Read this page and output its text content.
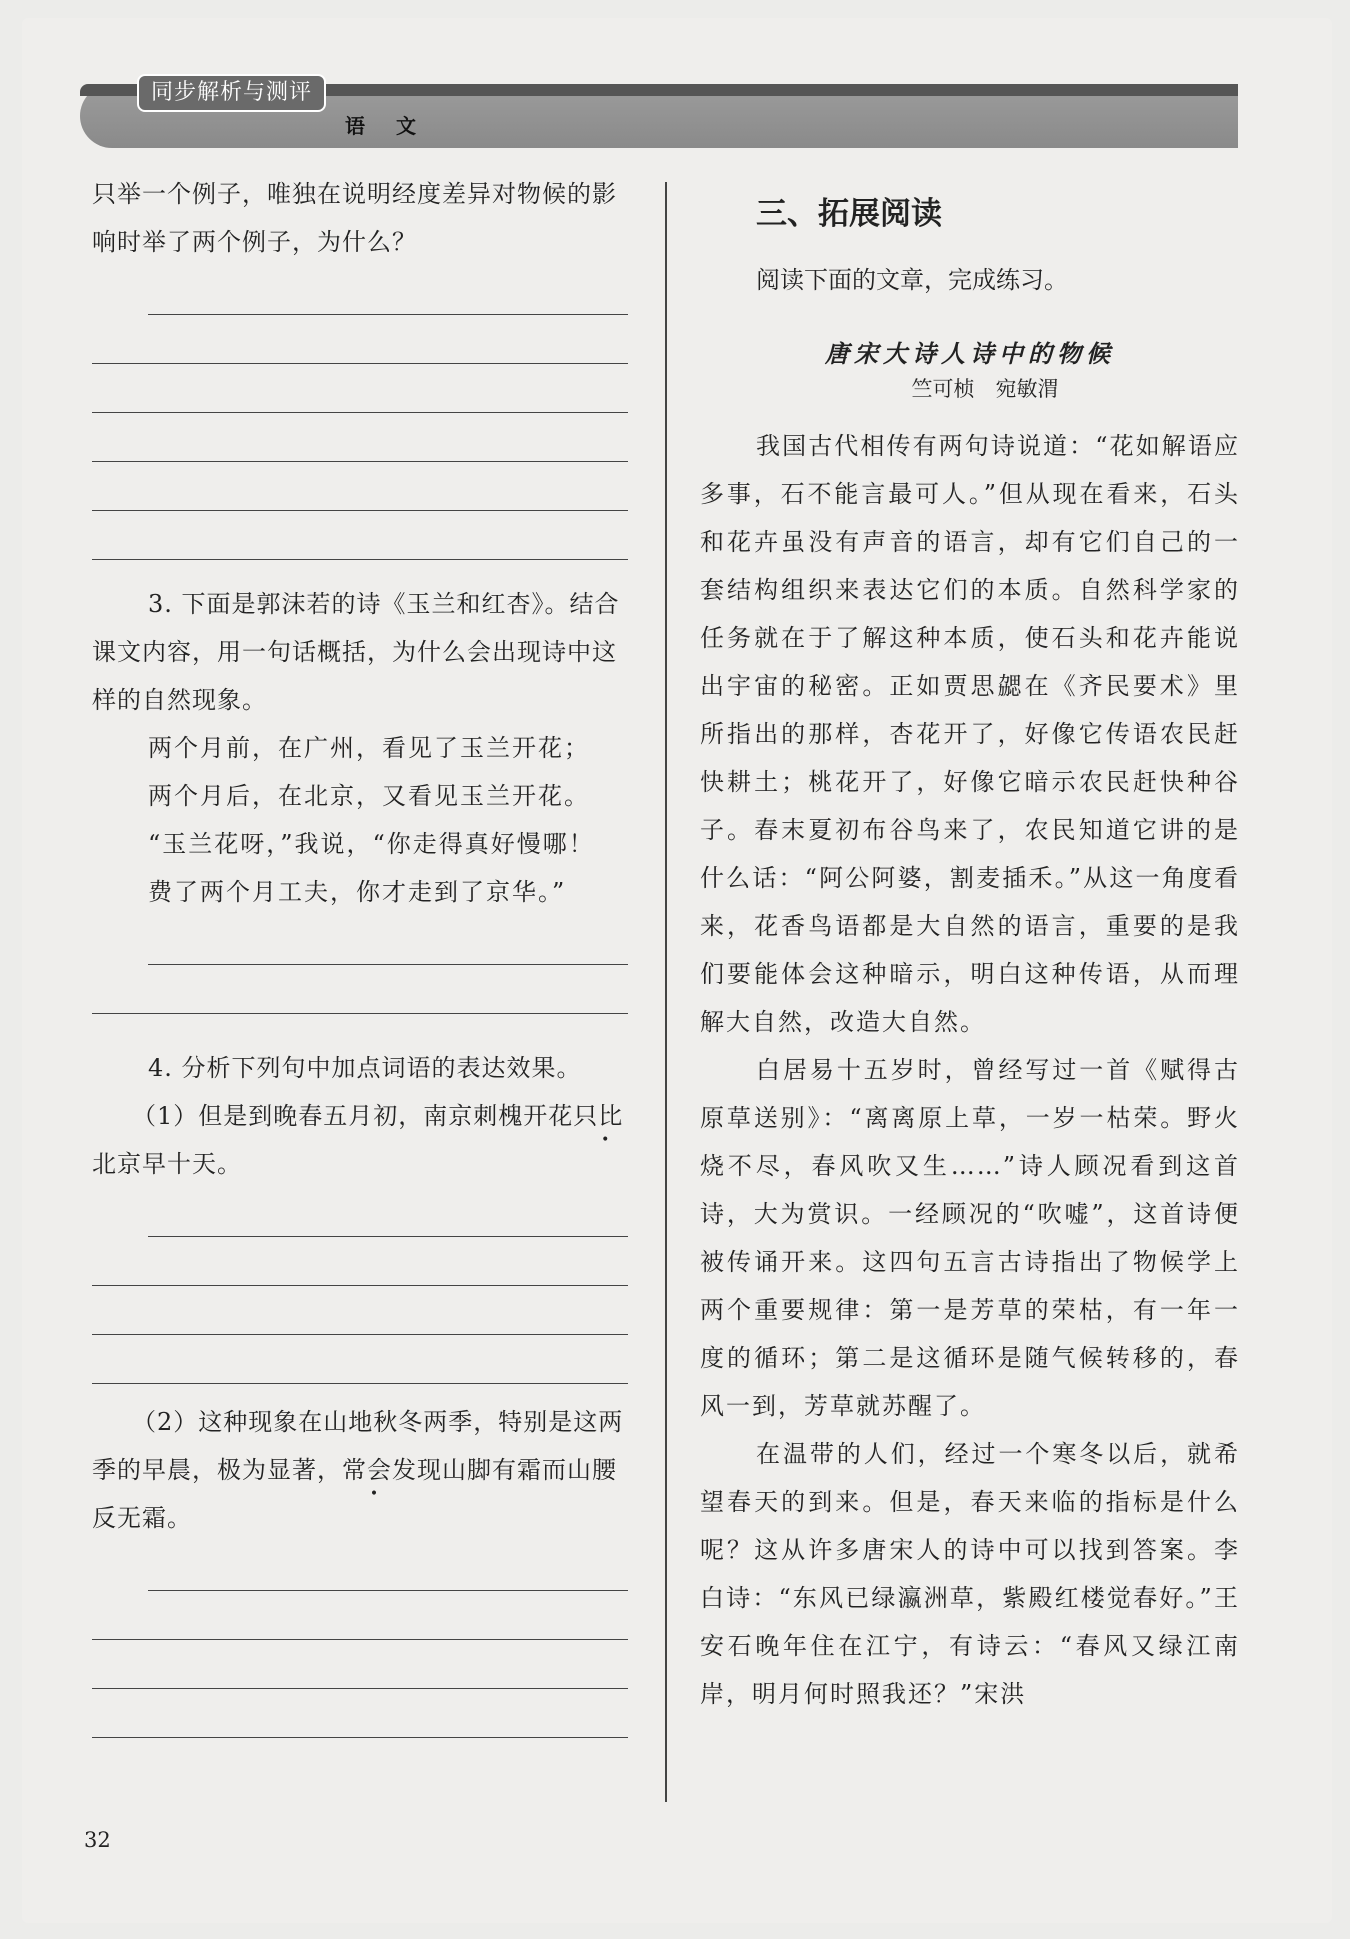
同步解析与测评
语 文

只举一个例子，唯独在说明经度差异对物候的影响时举了两个例子，为什么？

3. 下面是郭沫若的诗《玉兰和红杏》。结合课文内容，用一句话概括，为什么会出现诗中这样的自然现象。

两个月前，在广州，看见了玉兰开花；

两个月后，在北京，又看见玉兰开花。

“玉兰花呀，”我说，“你走得真好慢哪！

费了两个月工夫，你才走到了京华。”

4. 分析下列句中加点词语的表达效果。

（1）但是到晚春五月初，南京刺槐开花只比北京早十天。

（2）这种现象在山地秋冬两季，特别是这两季的早晨，极为显著，常会发现山脚有霜而山腰反无霜。

三、拓展阅读

阅读下面的文章，完成练习。

唐宋大诗人诗中的物候

竺可桢　宛敏渭

我国古代相传有两句诗说道：“花如解语应多事，石不能言最可人。”但从现在看来，石头和花卉虽没有声音的语言，却有它们自己的一套结构组织来表达它们的本质。自然科学家的任务就在于了解这种本质，使石头和花卉能说出宇宙的秘密。正如贾思勰在《齐民要术》里所指出的那样，杏花开了，好像它传语农民赶快耕土；桃花开了，好像它暗示农民赶快种谷子。春末夏初布谷鸟来了，农民知道它讲的是什么话：“阿公阿婆，割麦插禾。”从这一角度看来，花香鸟语都是大自然的语言，重要的是我们要能体会这种暗示，明白这种传语，从而理解大自然，改造大自然。

白居易十五岁时，曾经写过一首《赋得古原草送别》：“离离原上草，一岁一枯荣。野火烧不尽，春风吹又生……”诗人顾况看到这首诗，大为赏识。一经顾况的“吹嘘”，这首诗便被传诵开来。这四句五言古诗指出了物候学上两个重要规律：第一是芳草的荣枯，有一年一度的循环；第二是这循环是随气候转移的，春风一到，芳草就苏醒了。

在温带的人们，经过一个寒冬以后，就希望春天的到来。但是，春天来临的指标是什么呢？这从许多唐宋人的诗中可以找到答案。李白诗：“东风已绿瀛洲草，紫殿红楼觉春好。”王安石晚年住在江宁，有诗云：“春风又绿江南岸，明月何时照我还？”宋洪

32
